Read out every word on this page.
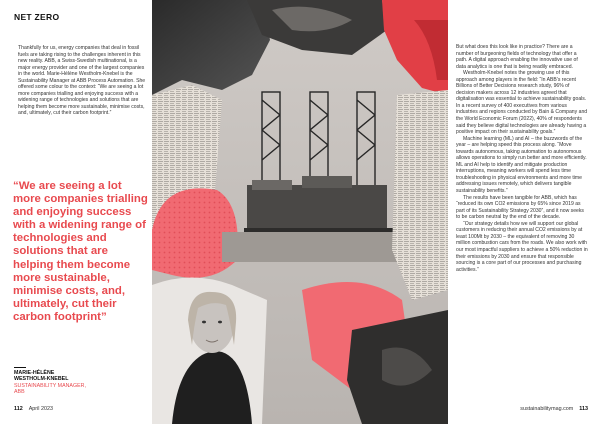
NET ZERO

Thankfully for us, energy companies that deal in fossil fuels are taking rising to the challenges inherent in this new reality. ABB, a Swiss-Swedish multinational, is a major energy provider and one of the largest companies in the world. Marie-Hélène Westholm-Knebel is the Sustainability Manager at ABB Process Automation. She offered some colour to the context: “We are seeing a lot more companies trialling and enjoying success with a widening range of technologies and solutions that are helping them become more sustainable, minimise costs, and, ultimately, cut their carbon footprint.”

“We are seeing a lot more companies trialling and enjoying success with a widening range of technologies and solutions that are helping them become more sustainable, minimise costs, and, ultimately, cut their carbon footprint”
MARIE-HÉLÈNE
WESTHOLM-KNEBEL
SUSTAINABILITY MANAGER,
ABB

But what does this look like in practice? There are a number of burgeoning fields of technology that offer a path. A digital approach enabling the innovative use of data analytics is one that is being readily embraced.

Westholm-Knebel notes the growing use of this approach among players in the field: “In ABB’s recent Billions of Better Decisions research study, 96% of decision makers across 12 industries agreed that digitalisation was essential to achieve sustainability goals. In a recent survey of 400 executives from various industries and regions conducted by Bain & Company and the World Economic Forum (2022), 40% of respondents said they believe digital technologies are already having a positive impact on their sustainability goals.”

Machine learning (ML) and AI – the buzzwords of the year – are helping speed this process along. “Move towards autonomous, taking automation to autonomous allows operations to simply run better and more efficiently. ML and AI help to identify and mitigate production interruptions, meaning workers will spend less time troubleshooting in physical environments and more time addressing issues remotely, which delivers tangible sustainability benefits.”

The results have been tangible for ABB, which has “reduced its own CO2 emissions by 65% since 2019 as part of its Sustainability Strategy 2030”, and it now seeks to be carbon neutral by the end of the decade.

“Our strategy details how we will support our global customers in reducing their annual CO2 emissions by at least 100Mt by 2030 – the equivalent of removing 30 million combustion cars from the roads. We also work with our most impactful suppliers to achieve a 50% reduction in their emissions by 2030 and ensure that responsible sourcing is a core part of our processes and purchasing activities.”

112 April 2023	sustainabilitymag.com 113
